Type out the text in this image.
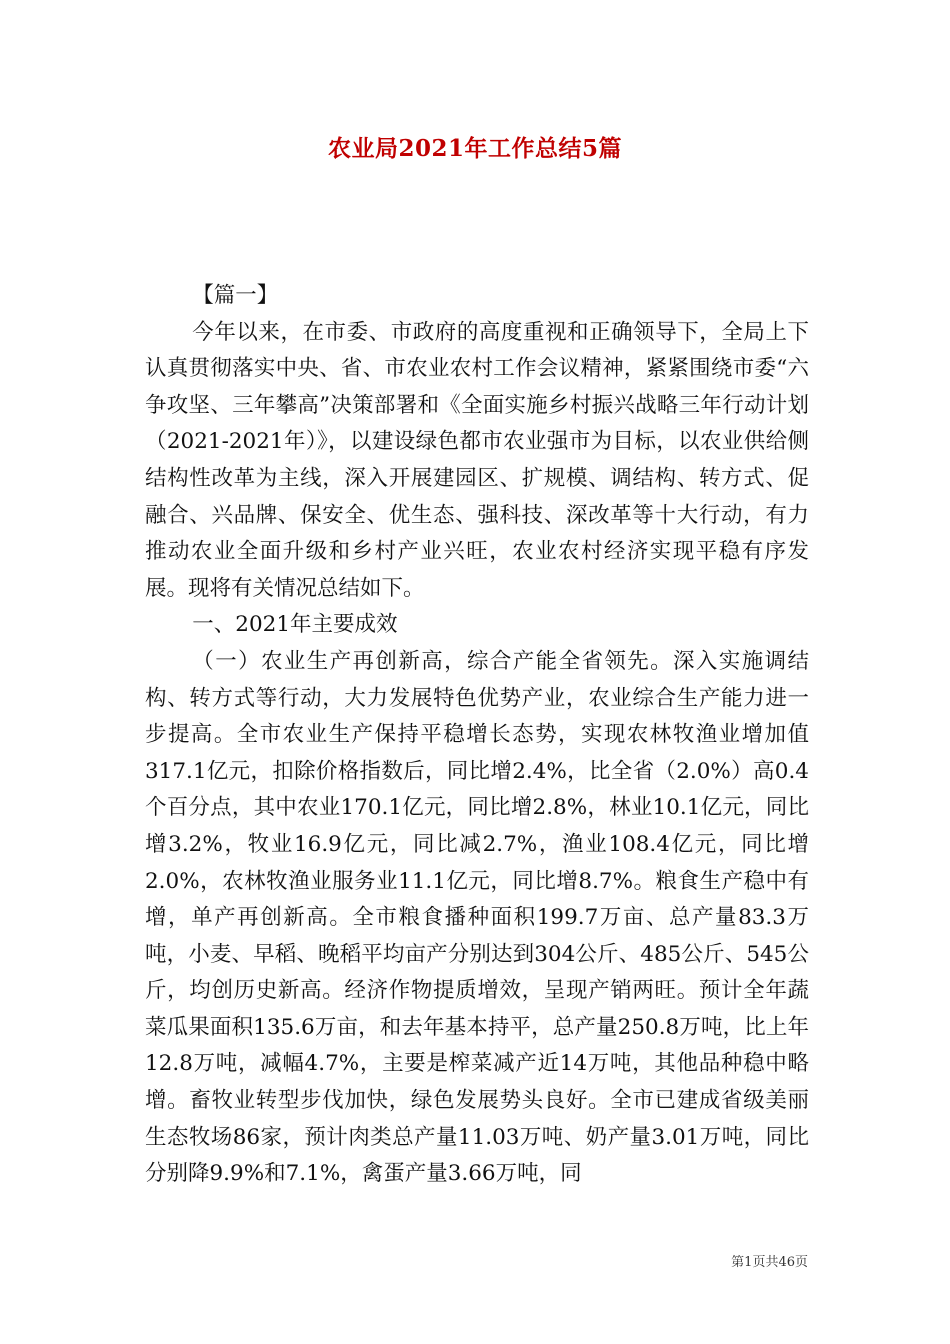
农业局2021年工作总结5篇

【篇一】

今年以来，在市委、市政府的高度重视和正确领导下，全局上下认真贯彻落实中央、省、市农业农村工作会议精神，紧紧围绕市委“六争攻坚、三年攀高”决策部署和《全面实施乡村振兴战略三年行动计划（2021-2021年）》，以建设绿色都市农业强市为目标，以农业供给侧结构性改革为主线，深入开展建园区、扩规模、调结构、转方式、促融合、兴品牌、保安全、优生态、强科技、深改革等十大行动，有力推动农业全面升级和乡村产业兴旺，农业农村经济实现平稳有序发展。现将有关情况总结如下。

一、2021年主要成效

（一）农业生产再创新高，综合产能全省领先。深入实施调结构、转方式等行动，大力发展特色优势产业，农业综合生产能力进一步提高。全市农业生产保持平稳增长态势，实现农林牧渔业增加值317.1亿元，扣除价格指数后，同比增2.4%，比全省（2.0%）高0.4个百分点，其中农业170.1亿元，同比增2.8%，林业10.1亿元，同比增3.2%，牧业16.9亿元，同比减2.7%，渔业108.4亿元，同比增2.0%，农林牧渔业服务业11.1亿元，同比增8.7%。粮食生产稳中有增，单产再创新高。全市粮食播种面积199.7万亩、总产量83.3万吨，小麦、早稻、晚稻平均亩产分别达到304公斤、485公斤、545公斤，均创历史新高。经济作物提质增效，呈现产销两旺。预计全年蔬菜瓜果面积135.6万亩，和去年基本持平，总产量250.8万吨，比上年12.8万吨，减幅4.7%，主要是榨菜减产近14万吨，其他品种稳中略增。畜牧业转型步伐加快，绿色发展势头良好。全市已建成省级美丽生态牧场86家，预计肉类总产量11.03万吨、奶产量3.01万吨，同比分别降9.9%和7.1%，禽蛋产量3.66万吨，同

第1页共46页
